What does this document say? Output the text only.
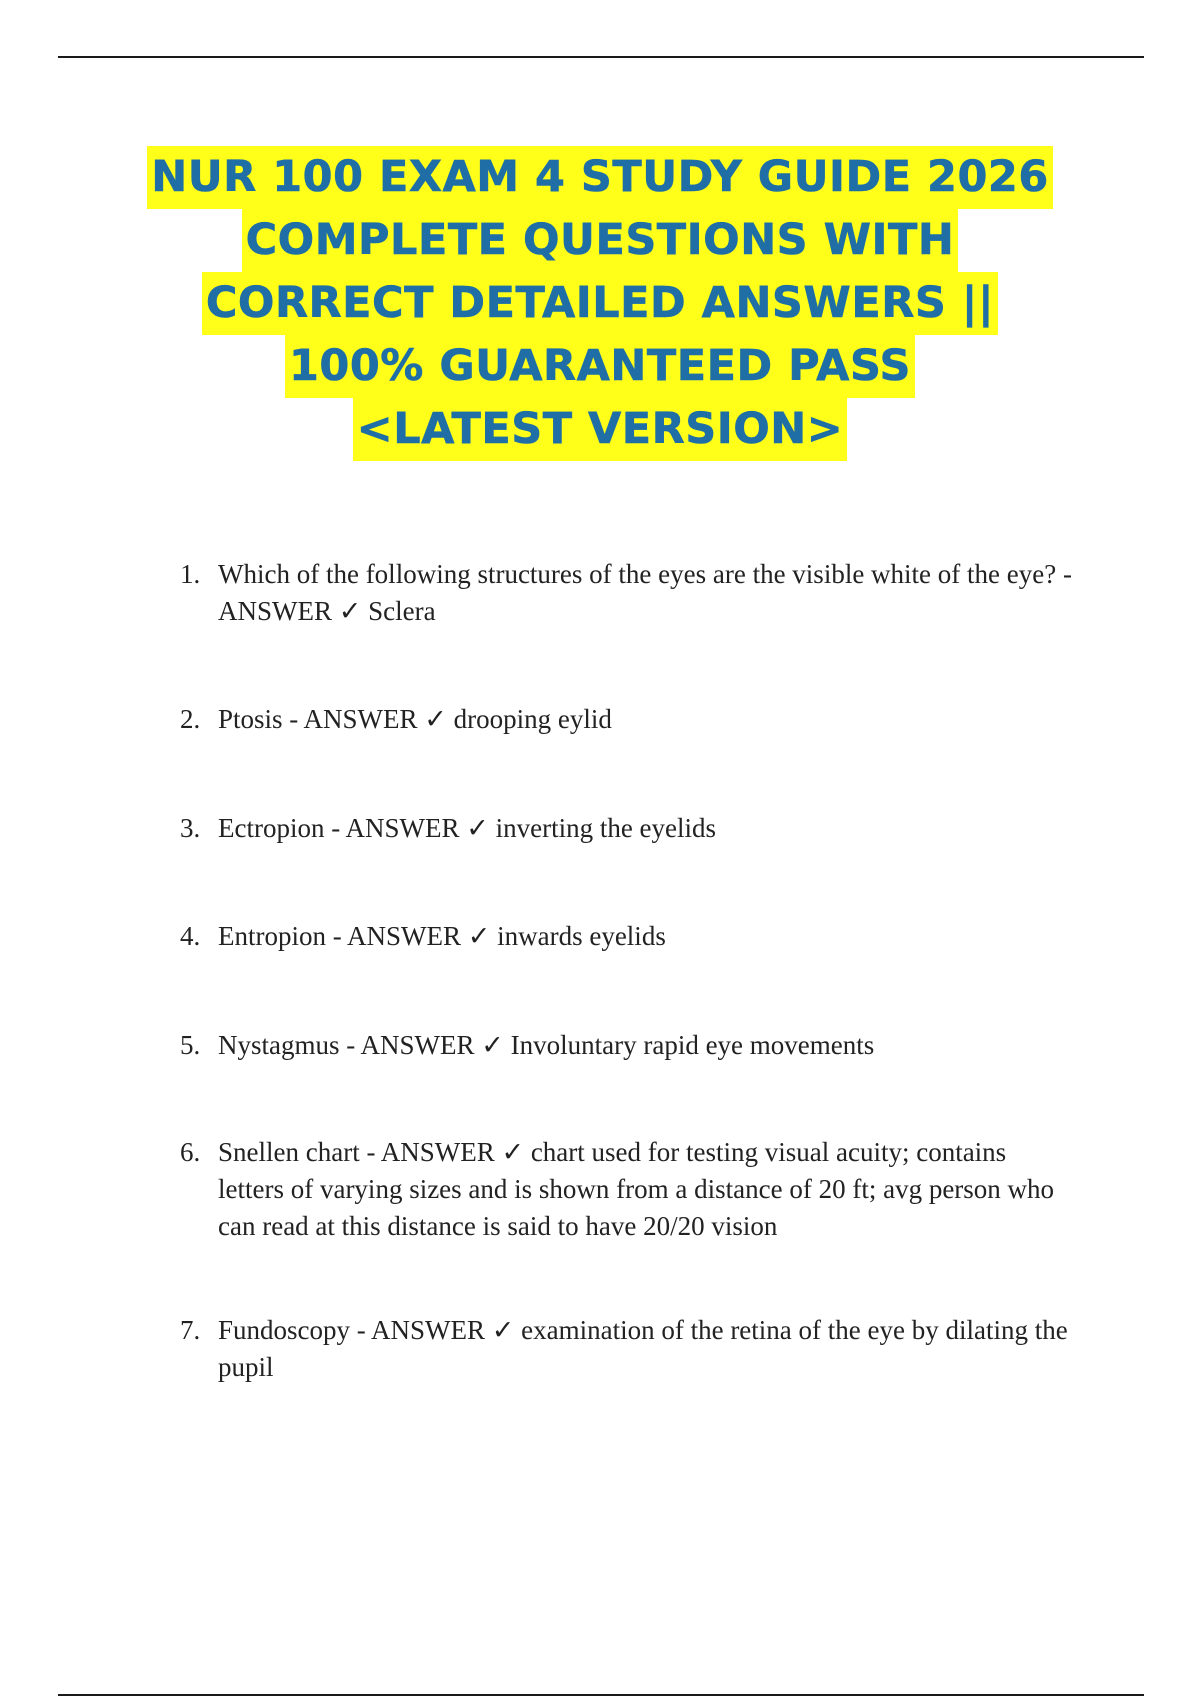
NUR 100 EXAM 4 STUDY GUIDE 2026
COMPLETE QUESTIONS WITH
CORRECT DETAILED ANSWERS ||
100% GUARANTEED PASS
<LATEST VERSION>
1. Which of the following structures of the eyes are the visible white of the eye? - ANSWER ✓ Sclera
2. Ptosis - ANSWER ✓ drooping eylid
3. Ectropion - ANSWER ✓ inverting the eyelids
4. Entropion - ANSWER ✓ inwards eyelids
5. Nystagmus - ANSWER ✓ Involuntary rapid eye movements
6. Snellen chart - ANSWER ✓ chart used for testing visual acuity; contains letters of varying sizes and is shown from a distance of 20 ft; avg person who can read at this distance is said to have 20/20 vision
7. Fundoscopy - ANSWER ✓ examination of the retina of the eye by dilating the pupil
